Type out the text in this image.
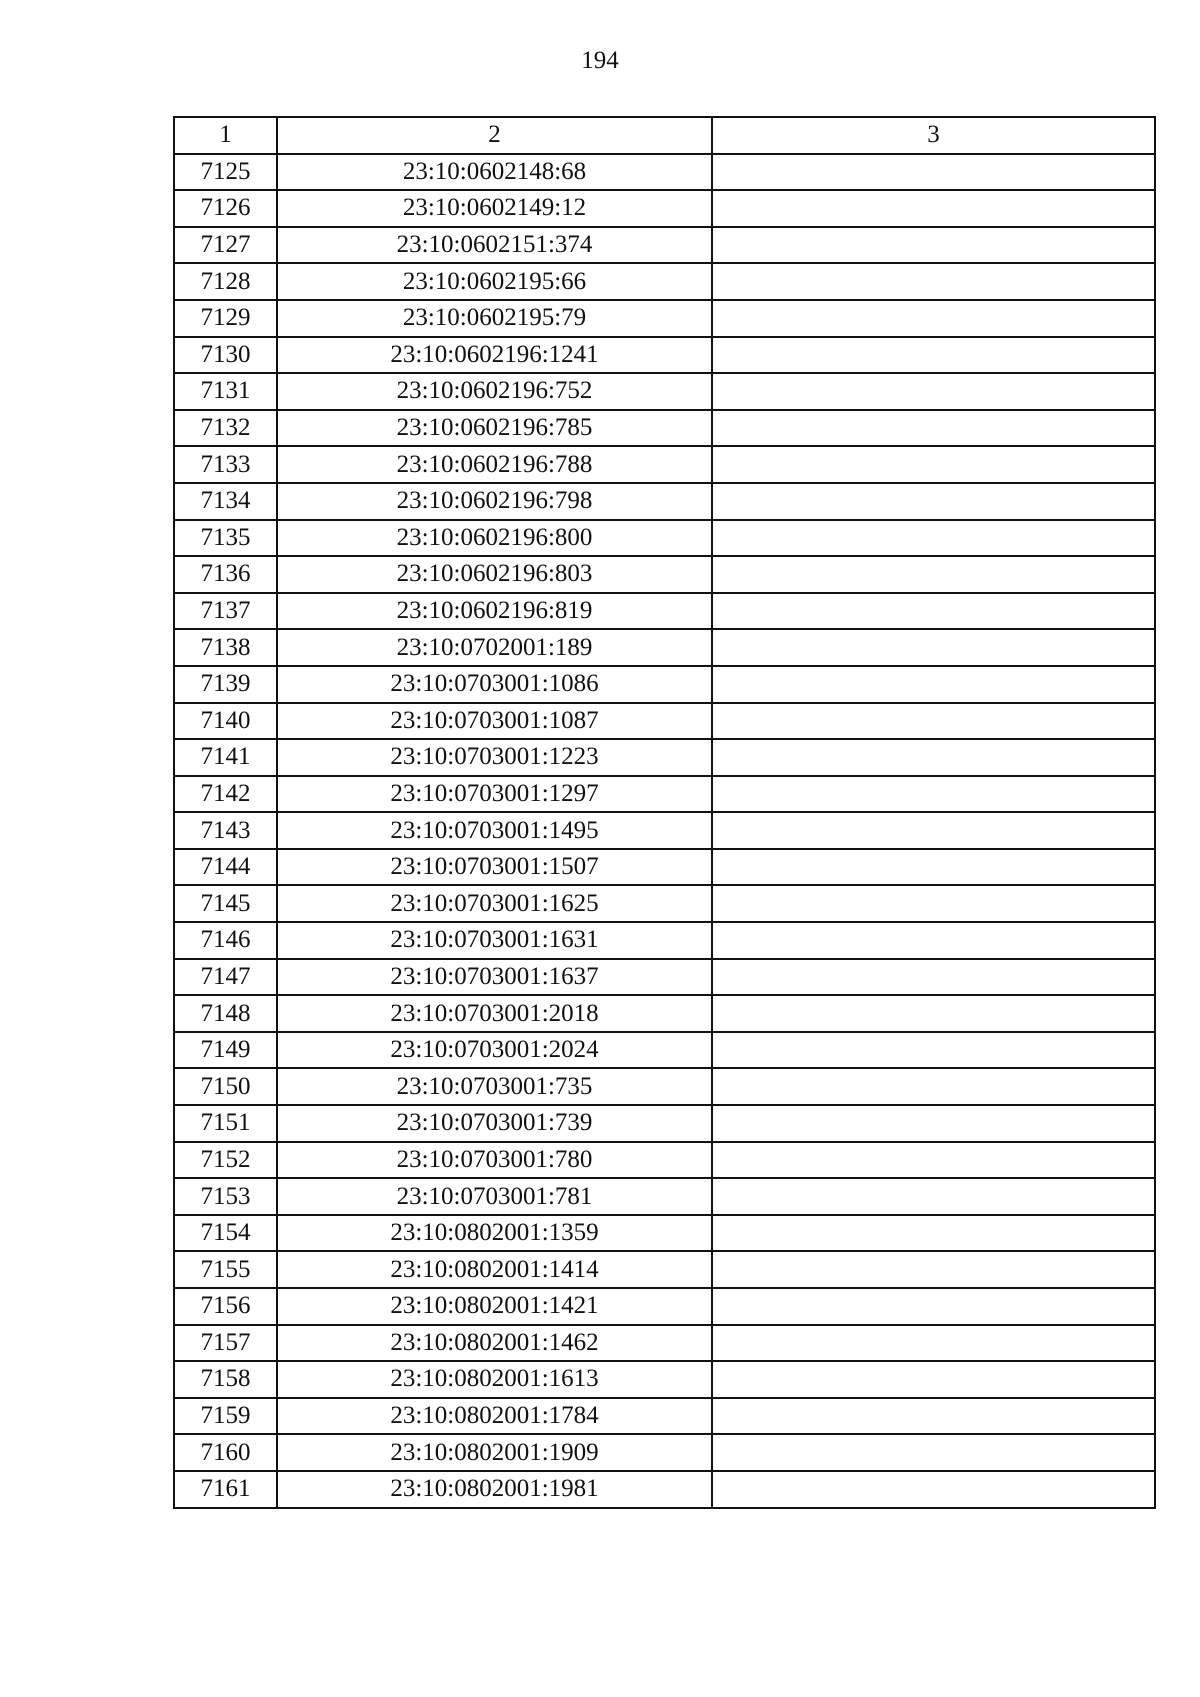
194
1	2	3
7125	23:10:0602148:68	
7126	23:10:0602149:12	
7127	23:10:0602151:374	
7128	23:10:0602195:66	
7129	23:10:0602195:79	
7130	23:10:0602196:1241	
7131	23:10:0602196:752	
7132	23:10:0602196:785	
7133	23:10:0602196:788	
7134	23:10:0602196:798	
7135	23:10:0602196:800	
7136	23:10:0602196:803	
7137	23:10:0602196:819	
7138	23:10:0702001:189	
7139	23:10:0703001:1086	
7140	23:10:0703001:1087	
7141	23:10:0703001:1223	
7142	23:10:0703001:1297	
7143	23:10:0703001:1495	
7144	23:10:0703001:1507	
7145	23:10:0703001:1625	
7146	23:10:0703001:1631	
7147	23:10:0703001:1637	
7148	23:10:0703001:2018	
7149	23:10:0703001:2024	
7150	23:10:0703001:735	
7151	23:10:0703001:739	
7152	23:10:0703001:780	
7153	23:10:0703001:781	
7154	23:10:0802001:1359	
7155	23:10:0802001:1414	
7156	23:10:0802001:1421	
7157	23:10:0802001:1462	
7158	23:10:0802001:1613	
7159	23:10:0802001:1784	
7160	23:10:0802001:1909	
7161	23:10:0802001:1981	
